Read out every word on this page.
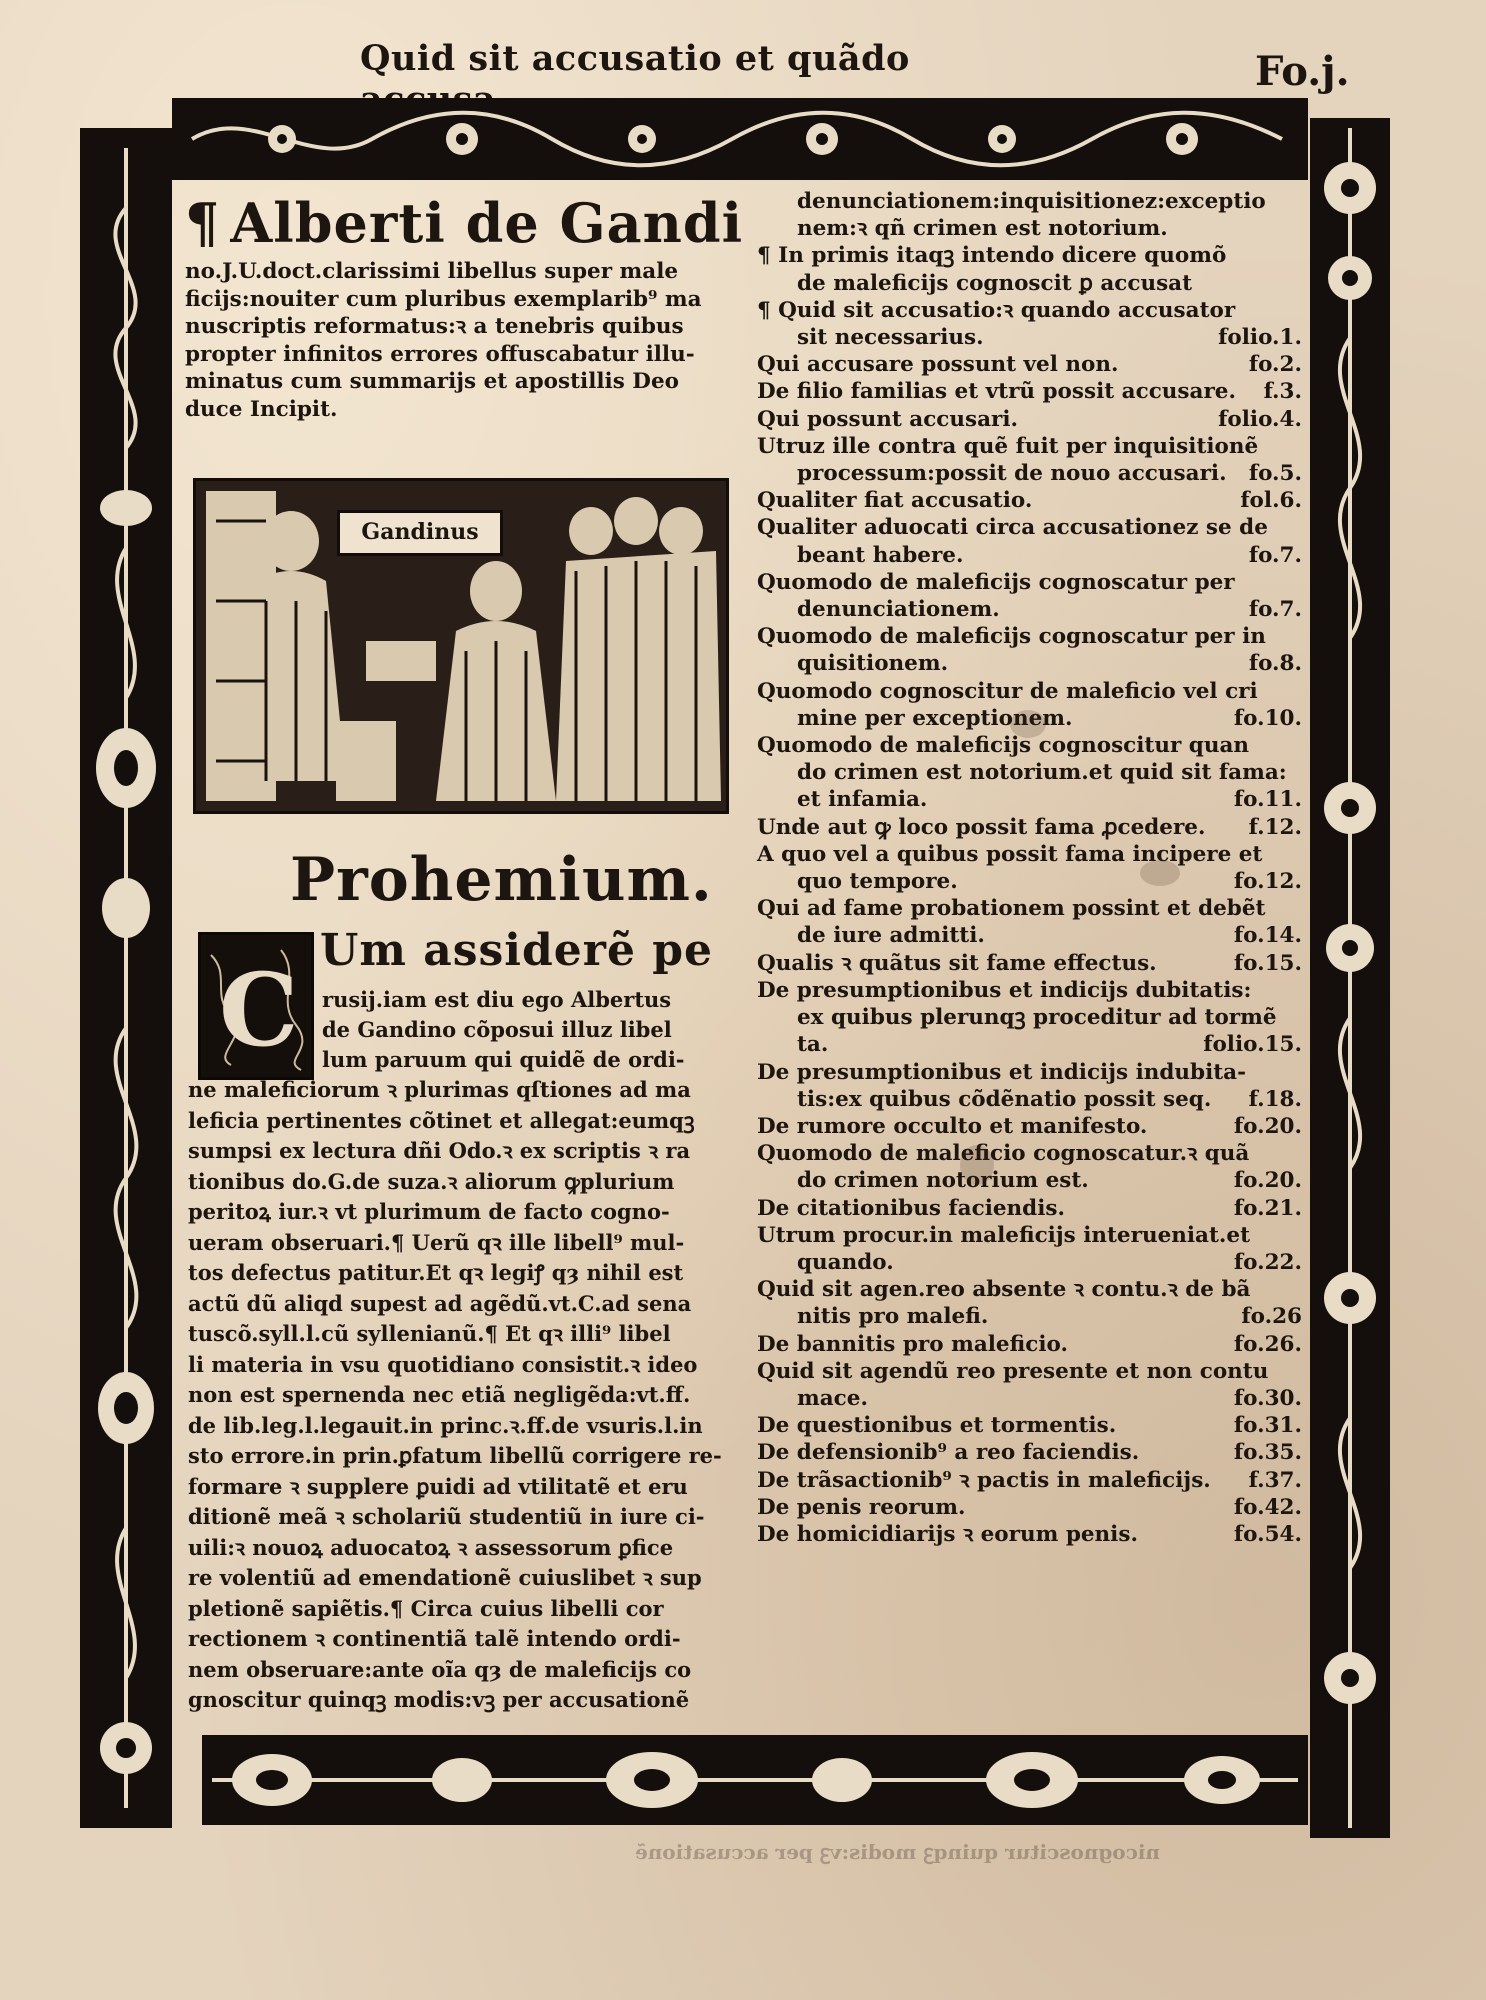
Quid sit accusatio et quãdo	Fo.j.
¶ Alberti de Gandi
no.J.U.doct.clarissimi libellus super male
ficijs:nouiter cum pluribus exemplarib⁹ ma
nuscriptis reformatus:ꝛ a tenebris quibus
propter infinitos errores offuscabatur illu-
minatus cum summarijs et apostillis Deo
duce Incipit.
Gandinus
Prohemium.
C
Um assiderẽ pe
rusij.iam est diu ego Albertus
de Gandino cõposui illuz libel
lum paruum qui quidẽ de ordi-
ne maleficiorum ꝛ plurimas qſtiones ad ma
leficia pertinentes cõtinet et allegat:eumqꝫ
sumpsi ex lectura dñi Odo.ꝛ ex scriptis ꝛ ra
tionibus do.G.de suza.ꝛ aliorum ꝙplurium
peritoꝝ iur.ꝛ vt plurimum de facto cogno-
ueram obseruari.¶ Uerũ qꝛ ille libell⁹ mul-
tos defectus patitur.Et qꝛ legiꝭ qȝ nihil est
actũ dũ aliqd supest ad agẽdũ.vt.C.ad sena
tuscõ.syll.l.cũ syllenianũ.¶ Et qꝛ illi⁹ libel
li materia in vsu quotidiano consistit.ꝛ ideo
non est spernenda nec etiã negligẽda:vt.ff.
de lib.leg.l.legauit.in princ.ꝛ.ff.de vsuris.l.in
sto errore.in prin.ꝑfatum libellũ corrigere re-
formare ꝛ supplere ꝑuidi ad vtilitatẽ et eru
ditionẽ meã ꝛ scholariũ studentiũ in iure ci-
uili:ꝛ nouoꝝ aduocatoꝝ ꝛ assessorum ꝑfice
re volentiũ ad emendationẽ cuiuslibet ꝛ sup
pletionẽ sapiẽtis.¶ Circa cuius libelli cor
rectionem ꝛ continentiã talẽ intendo ordi-
nem obseruare:ante oĩa qȝ de maleficijs co
gnoscitur quinqꝫ modis:vꝫ per accusationẽ
denunciationem:inquisitionez:exceptio
nem:ꝛ qñ crimen est notorium.
¶ In primis itaqꝫ intendo dicere quomõ
de maleficijs cognoscit ꝑ accusat
¶ Quid sit accusatio:ꝛ quando accusator
sit necessarius.	folio.1.
Qui accusare possunt vel non.	fo.2.
De filio familias et vtrũ possit accusare. f.3.
Qui possunt accusari.	folio.4.
Utruz ille contra quẽ fuit per inquisitionẽ
processum:possit de nouo accusari. fo.5.
Qualiter fiat accusatio.	fol.6.
Qualiter aduocati circa accusationez se de
beant habere.	fo.7.
Quomodo de maleficijs cognoscatur per
denunciationem.	fo.7.
Quomodo de maleficijs cognoscatur per in
quisitionem.	fo.8.
Quomodo cognoscitur de maleficio vel cri
mine per exceptionem.	fo.10.
Quomodo de maleficijs cognoscitur quan
do crimen est notorium.et quid sit fama:
et infamia.	fo.11.
Unde aut ꝙ loco possit fama ꝓcedere. f.12.
A quo vel a quibus possit fama incipere et
quo tempore.	fo.12.
Qui ad fame probationem possint et debẽt
de iure admitti.	fo.14.
Qualis ꝛ quãtus sit fame effectus.	fo.15.
De presumptionibus et indicijs dubitatis:
ex quibus plerunqꝫ proceditur ad tormẽ
ta.	folio.15.
De presumptionibus et indicijs indubita-
tis:ex quibus cõdẽnatio possit seq. f.18.
De rumore occulto et manifesto.	fo.20.
Quomodo de maleficio cognoscatur.ꝛ quã
do crimen notorium est.	fo.20.
De citationibus faciendis.	fo.21.
Utrum procur.in maleficijs interueniat.et
quando.	fo.22.
Quid sit agen.reo absente ꝛ contu.ꝛ de bã
nitis pro malefi.	fo.26
De bannitis pro maleficio.	fo.26.
Quid sit agendũ reo presente et non contu
mace.	fo.30.
De questionibus et tormentis.	fo.31.
De defensionib⁹ a reo faciendis.	fo.35.
De trãsactionib⁹ ꝛ pactis in maleficijs. f.37.
De penis reorum.	fo.42.
De homicidiarijs ꝛ eorum penis.	fo.54.
nicognoscitur quinqꝫ modis:vꝫ per accusationẽ
